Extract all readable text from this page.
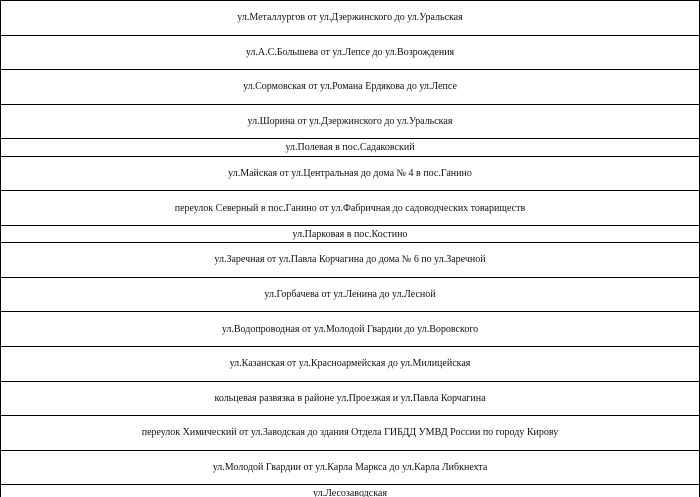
ул.Металлургов от ул.Дзержинского до ул.Уральская
ул.А.С.Большева от ул.Лепсе до ул.Возрождения
ул.Сормовская от ул.Романа Ердякова до ул.Лепсе
ул.Шорина от ул.Дзержинского до ул.Уральская
ул.Полевая в пос.Садаковский
ул.Майская от ул.Центральная до дома № 4 в пос.Ганино
переулок Северный в пос.Ганино от ул.Фабричная до садоводческих товариществ
ул.Парковая в пос.Костино
ул.Заречная от ул.Павла Корчагина до дома № 6 по ул.Заречной
ул.Горбачева от ул.Ленина до ул.Лесной
ул.Водопроводная от ул.Молодой Гвардии до ул.Воровского
ул.Казанская от ул.Красноармейская до ул.Милицейская
кольцевая развязка в районе ул.Проезжая и ул.Павла Корчагина
переулок Химический от ул.Заводская до здания Отдела ГИБДД УМВД России по городу Кирову
ул.Молодой Гвардии от ул.Карла Маркса до ул.Карла Либкнехта
ул.Лесозаводская
